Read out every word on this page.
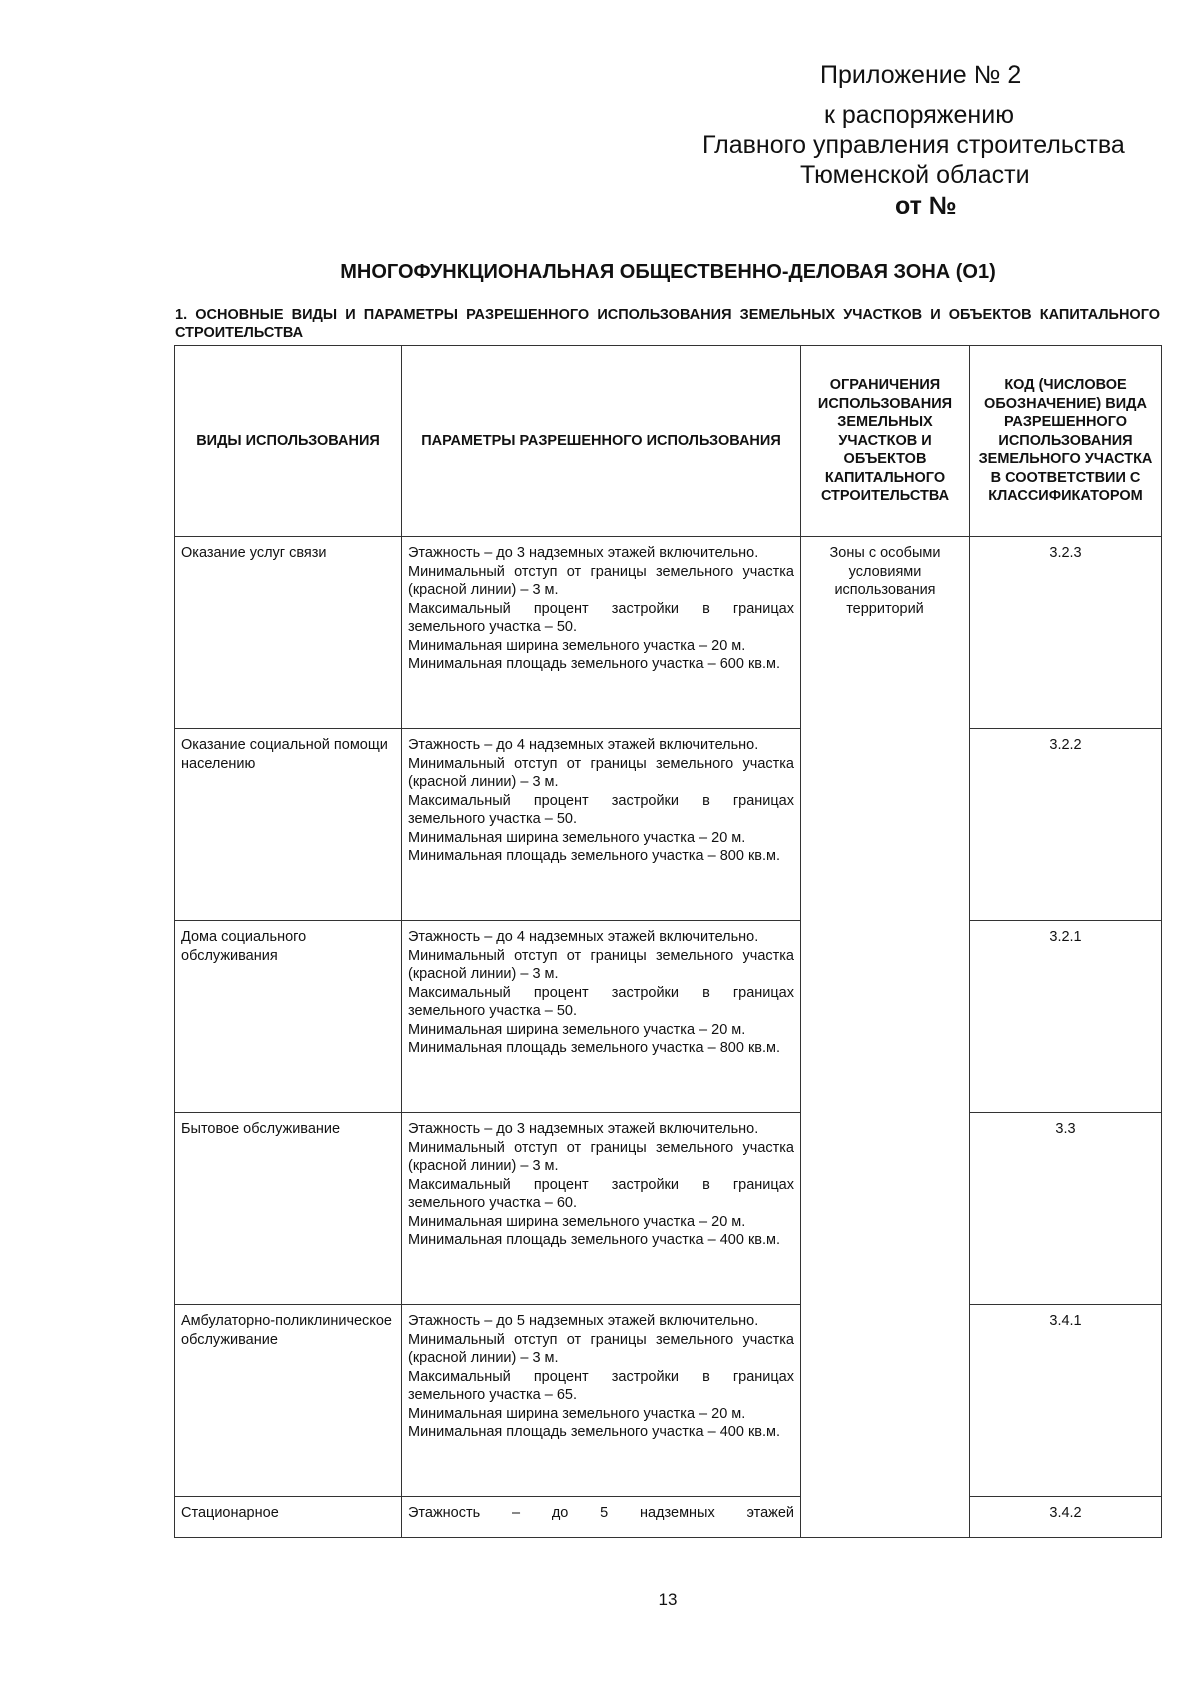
Приложение № 2
к распоряжению
Главного управления строительства
Тюменской области
от №
МНОГОФУНКЦИОНАЛЬНАЯ ОБЩЕСТВЕННО-ДЕЛОВАЯ ЗОНА (О1)
1. ОСНОВНЫЕ ВИДЫ И ПАРАМЕТРЫ РАЗРЕШЕННОГО ИСПОЛЬЗОВАНИЯ ЗЕМЕЛЬНЫХ УЧАСТКОВ И ОБЪЕКТОВ КАПИТАЛЬНОГО СТРОИТЕЛЬСТВА
ВИДЫ ИСПОЛЬЗОВАНИЯ	ПАРАМЕТРЫ РАЗРЕШЕННОГО ИСПОЛЬЗОВАНИЯ	ОГРАНИЧЕНИЯ ИСПОЛЬЗОВАНИЯ ЗЕМЕЛЬНЫХ УЧАСТКОВ И ОБЪЕКТОВ КАПИТАЛЬНОГО СТРОИТЕЛЬСТВА	КОД (ЧИСЛОВОЕ ОБОЗНАЧЕНИЕ) ВИДА РАЗРЕШЕННОГО ИСПОЛЬЗОВАНИЯ ЗЕМЕЛЬНОГО УЧАСТКА В СООТВЕТСТВИИ С КЛАССИФИКАТОРОМ
Оказание услуг связи	Этажность – до 3 надземных этажей включительно.
Минимальный отступ от границы земельного участка (красной линии) – 3 м.
Максимальный процент застройки в границах земельного участка – 50.
Минимальная ширина земельного участка – 20 м.
Минимальная площадь земельного участка – 600 кв.м.	Зоны с особыми условиями использования территорий	3.2.3
Оказание социальной помощи населению	Этажность – до 4 надземных этажей включительно.
Минимальный отступ от границы земельного участка (красной линии) – 3 м.
Максимальный процент застройки в границах земельного участка – 50.
Минимальная ширина земельного участка – 20 м.
Минимальная площадь земельного участка – 800 кв.м.		3.2.2
Дома социального обслуживания	Этажность – до 4 надземных этажей включительно.
Минимальный отступ от границы земельного участка (красной линии) – 3 м.
Максимальный процент застройки в границах земельного участка – 50.
Минимальная ширина земельного участка – 20 м.
Минимальная площадь земельного участка – 800 кв.м.		3.2.1
Бытовое обслуживание	Этажность – до 3 надземных этажей включительно.
Минимальный отступ от границы земельного участка (красной линии) – 3 м.
Максимальный процент застройки в границах земельного участка – 60.
Минимальная ширина земельного участка – 20 м.
Минимальная площадь земельного участка – 400 кв.м.		3.3
Амбулаторно-поликлиническое обслуживание	Этажность – до 5 надземных этажей включительно.
Минимальный отступ от границы земельного участка (красной линии) – 3 м.
Максимальный процент застройки в границах земельного участка – 65.
Минимальная ширина земельного участка – 20 м.
Минимальная площадь земельного участка – 400 кв.м.		3.4.1
Стационарное	Этажность – до 5 надземных этажей		3.4.2
13
